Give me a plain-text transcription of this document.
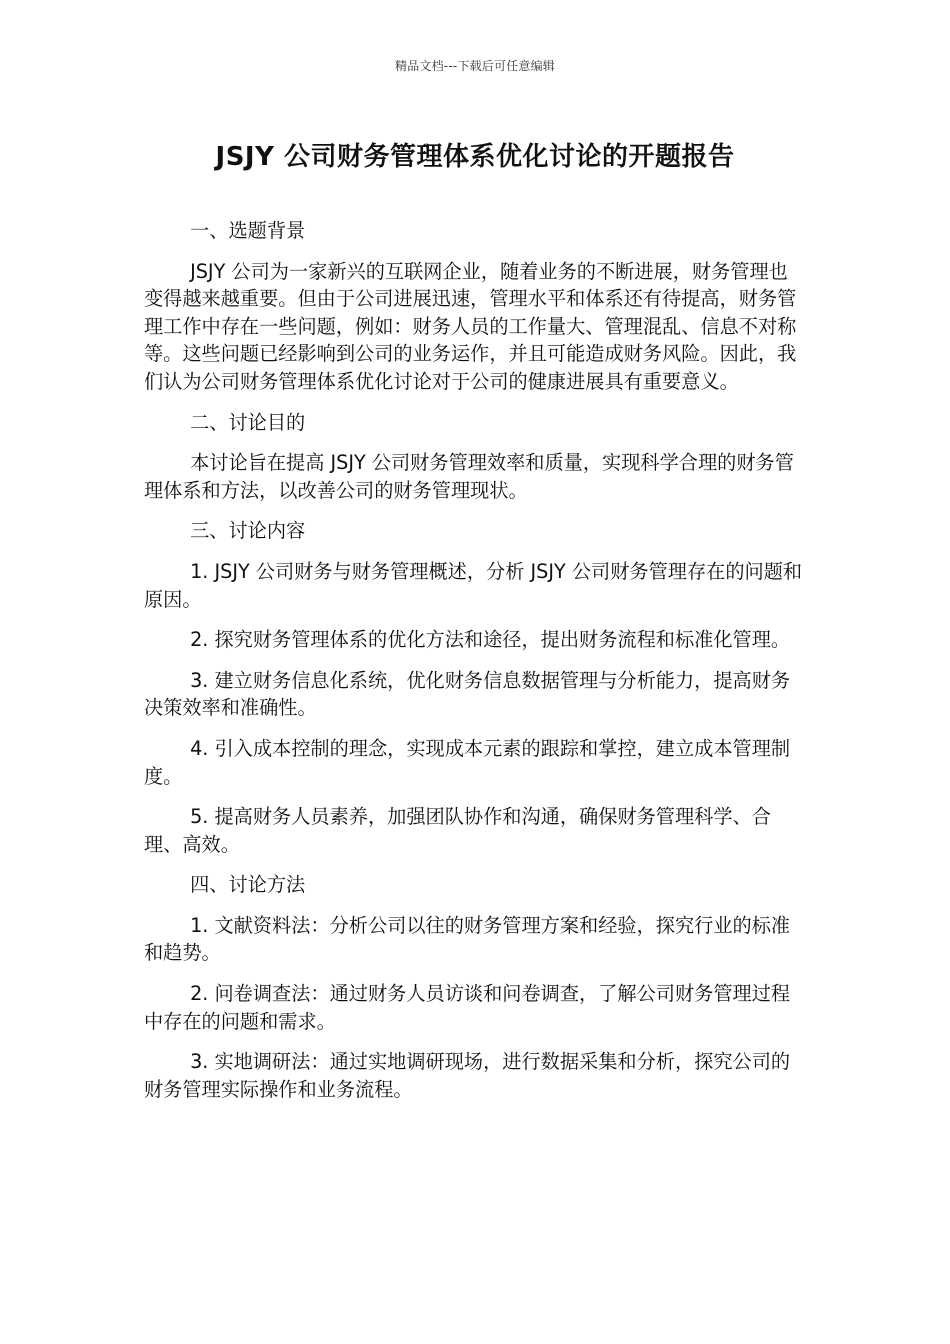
精品文档---下载后可任意编辑
JSJY 公司财务管理体系优化讨论的开题报告

一、选题背景

JSJY 公司为一家新兴的互联网企业，随着业务的不断进展，财务管理也变得越来越重要。但由于公司进展迅速，管理水平和体系还有待提高，财务管理工作中存在一些问题，例如：财务人员的工作量大、管理混乱、信息不对称等。这些问题已经影响到公司的业务运作，并且可能造成财务风险。因此，我们认为公司财务管理体系优化讨论对于公司的健康进展具有重要意义。

二、讨论目的

本讨论旨在提高 JSJY 公司财务管理效率和质量，实现科学合理的财务管理体系和方法，以改善公司的财务管理现状。

三、讨论内容

1. JSJY 公司财务与财务管理概述，分析 JSJY 公司财务管理存在的问题和原因。

2. 探究财务管理体系的优化方法和途径，提出财务流程和标准化管理。

3. 建立财务信息化系统，优化财务信息数据管理与分析能力，提高财务决策效率和准确性。

4. 引入成本控制的理念，实现成本元素的跟踪和掌控，建立成本管理制度。

5. 提高财务人员素养，加强团队协作和沟通，确保财务管理科学、合理、高效。

四、讨论方法

1. 文献资料法：分析公司以往的财务管理方案和经验，探究行业的标准和趋势。

2. 问卷调查法：通过财务人员访谈和问卷调查，了解公司财务管理过程中存在的问题和需求。

3. 实地调研法：通过实地调研现场，进行数据采集和分析，探究公司的财务管理实际操作和业务流程。
